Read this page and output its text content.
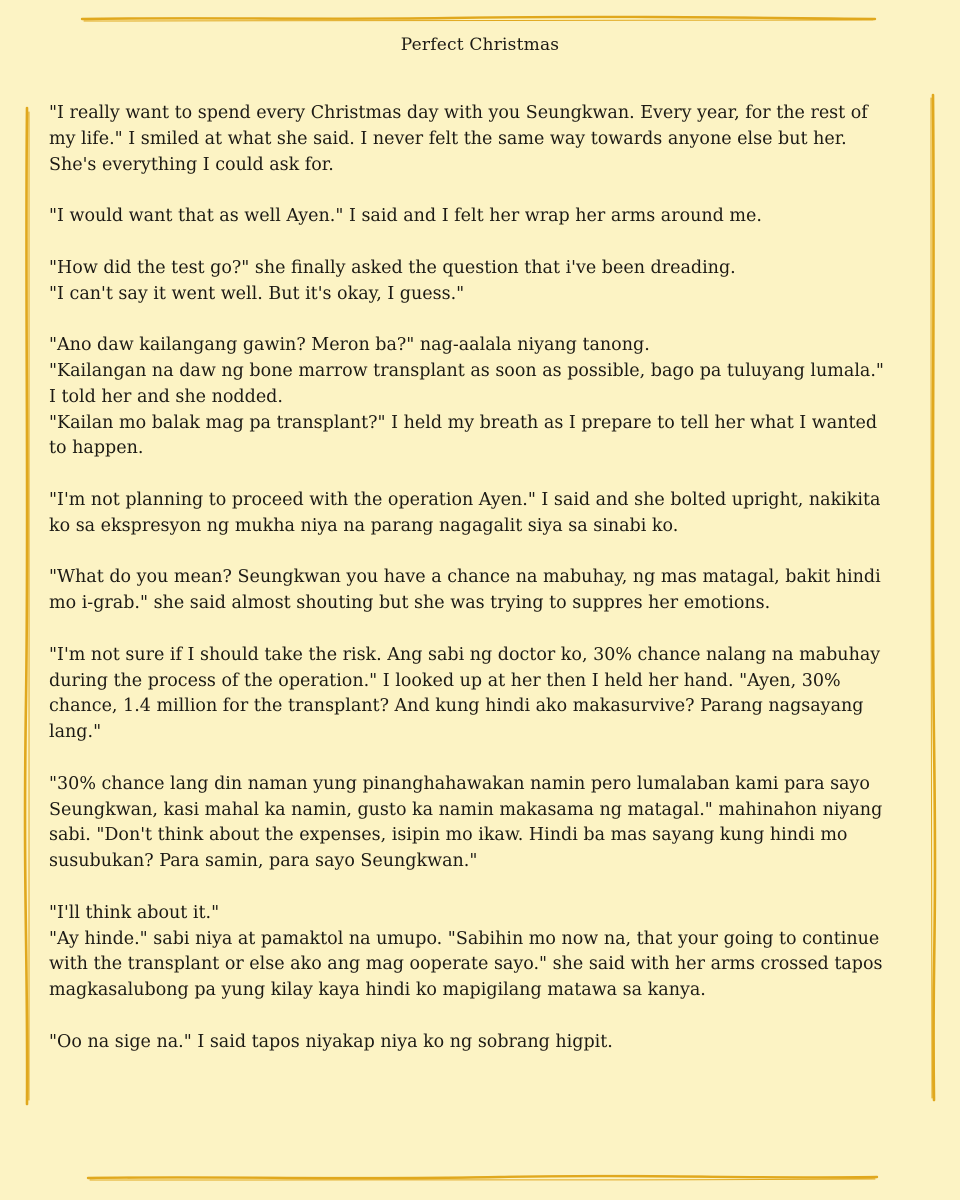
Perfect Christmas
"I really want to spend every Christmas day with you Seungkwan. Every year, for the rest of
my life." I smiled at what she said. I never felt the same way towards anyone else but her.
She's everything I could ask for.
"I would want that as well Ayen." I said and I felt her wrap her arms around me.
"How did the test go?" she finally asked the question that i've been dreading.
"I can't say it went well. But it's okay, I guess."
"Ano daw kailangang gawin? Meron ba?" nag-aalala niyang tanong.
"Kailangan na daw ng bone marrow transplant as soon as possible, bago pa tuluyang lumala."
I told her and she nodded.
"Kailan mo balak mag pa transplant?" I held my breath as I prepare to tell her what I wanted
to happen.
"I'm not planning to proceed with the operation Ayen." I said and she bolted upright, nakikita
ko sa ekspresyon ng mukha niya na parang nagagalit siya sa sinabi ko.
"What do you mean? Seungkwan you have a chance na mabuhay, ng mas matagal, bakit hindi
mo i-grab." she said almost shouting but she was trying to suppres her emotions.
"I'm not sure if I should take the risk. Ang sabi ng doctor ko, 30% chance nalang na mabuhay
during the process of the operation." I looked up at her then I held her hand. "Ayen, 30%
chance, 1.4 million for the transplant? And kung hindi ako makasurvive? Parang nagsayang
lang."
"30% chance lang din naman yung pinanghahawakan namin pero lumalaban kami para sayo
Seungkwan, kasi mahal ka namin, gusto ka namin makasama ng matagal." mahinahon niyang
sabi. "Don't think about the expenses, isipin mo ikaw. Hindi ba mas sayang kung hindi mo
susubukan? Para samin, para sayo Seungkwan."
"I'll think about it."
"Ay hinde." sabi niya at pamaktol na umupo. "Sabihin mo now na, that your going to continue
with the transplant or else ako ang mag ooperate sayo." she said with her arms crossed tapos
magkasalubong pa yung kilay kaya hindi ko mapigilang matawa sa kanya.
"Oo na sige na." I said tapos niyakap niya ko ng sobrang higpit.
